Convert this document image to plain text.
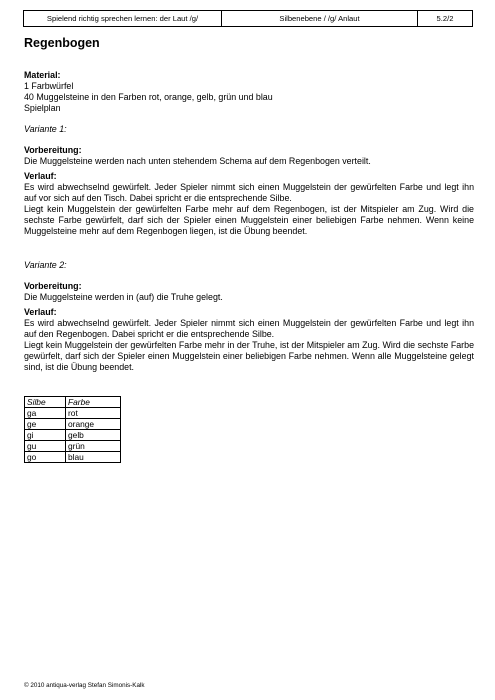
Spielend richtig sprechen lernen: der Laut /g/	Silbenebene / /g/ Anlaut	5.2/2
Regenbogen

Material:

1 Farbwürfel

40 Muggelsteine in den Farben rot, orange, gelb, grün und blau

Spielplan

Variante 1:

Vorbereitung:

Die Muggelsteine werden nach unten stehendem Schema auf dem Regenbogen verteilt.

Verlauf:

Es wird abwechselnd gewürfelt. Jeder Spieler nimmt sich einen Muggelstein der gewürfelten Farbe und legt ihn auf vor sich auf den Tisch. Dabei spricht er die entsprechende Silbe.

Liegt kein Muggelstein der gewürfelten Farbe mehr auf dem Regenbogen, ist der Mitspieler am Zug. Wird die sechste Farbe gewürfelt, darf sich der Spieler einen Muggelstein einer beliebigen Farbe nehmen. Wenn keine Muggelsteine mehr auf dem Regenbogen liegen, ist die Übung beendet.

Variante 2:

Vorbereitung:

Die Muggelsteine werden in (auf) die Truhe gelegt.

Verlauf:

Es wird abwechselnd gewürfelt. Jeder Spieler nimmt sich einen Muggelstein der gewürfelten Farbe und legt ihn auf den Regenbogen. Dabei spricht er die entsprechende Silbe.

Liegt kein Muggelstein der gewürfelten Farbe mehr in der Truhe, ist der Mitspieler am Zug. Wird die sechste Farbe gewürfelt, darf sich der Spieler einen Muggelstein einer beliebigen Farbe nehmen. Wenn alle Muggelsteine gelegt sind, ist die Übung beendet.

Silbe	Farbe
ga	rot
ge	orange
gi	gelb
gu	grün
go	blau
© 2010 antiqua-verlag Stefan Simonis-Kalk
